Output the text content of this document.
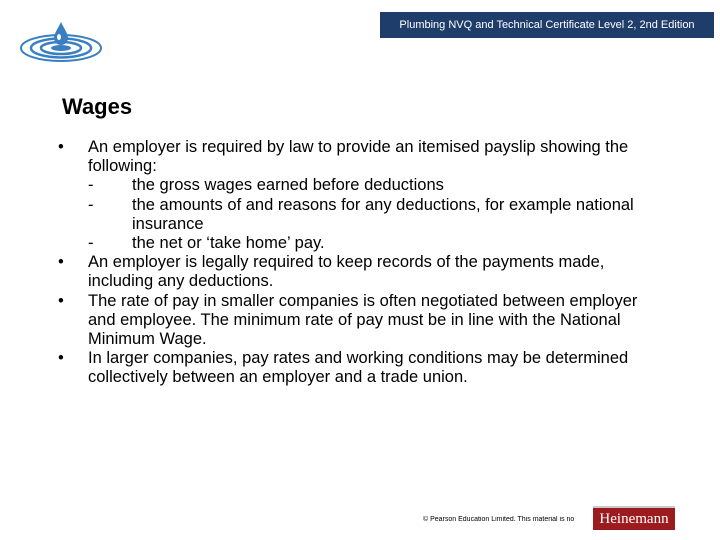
Plumbing NVQ and Technical Certificate Level 2, 2nd Edition
Wages
•	An employer is required by law to provide an itemised payslip showing the
following:
-	the gross wages earned before deductions
-	the amounts of and reasons for any deductions, for example national
insurance
-	the net or ‘take home’ pay.
•	An employer is legally required to keep records of the payments made,
including any deductions.
•	The rate of pay in smaller companies is often negotiated between employer
and employee. The minimum rate of pay must be in line with the National
Minimum Wage.
•	In larger companies, pay rates and working conditions may be determined
collectively between an employer and a trade union.
© Pearson Education Limited. This material is no	Heinemann
